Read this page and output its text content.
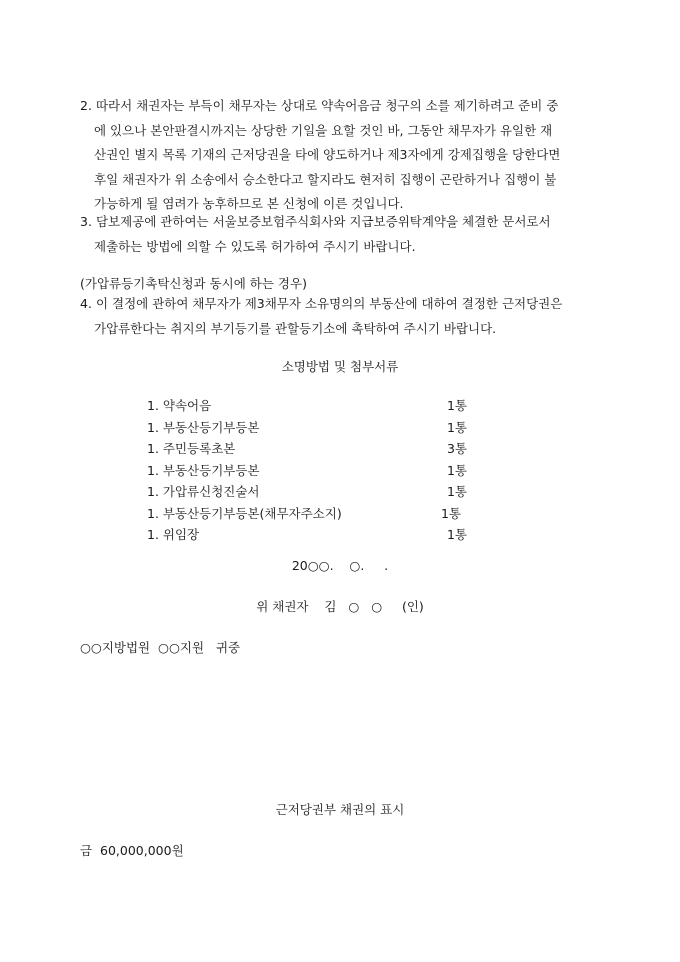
2. 따라서 채권자는 부득이 채무자는 상대로 약속어음금 청구의 소를 제기하려고 준비 중
에 있으나 본안판결시까지는 상당한 기일을 요할 것인 바, 그동안 채무자가 유일한 재
산권인 별지 목록 기재의 근저당권을 타에 양도하거나 제3자에게 강제집행을 당한다면
후일 채권자가 위 소송에서 승소한다고 할지라도 현저히 집행이 곤란하거나 집행이 불
가능하게 될 염려가 농후하므로 본 신청에 이른 것입니다.
3. 담보제공에 관하여는 서울보증보험주식회사와 지급보증위탁계약을 체결한 문서로서
제출하는 방법에 의할 수 있도록 허가하여 주시기 바랍니다.
(가압류등기촉탁신청과 동시에 하는 경우)
4. 이 결정에 관하여 채무자가 제3채무자 소유명의의 부동산에 대하여 결정한 근저당권은
가압류한다는 취지의 부기등기를 관할등기소에 촉탁하여 주시기 바랍니다.
소명방법 및 첨부서류
1. 약속어음	1통
1. 부동산등기부등본	1통
1. 주민등록초본	3통
1. 부동산등기부등본	1통
1. 가압류신청진술서	1통
1. 부동산등기부등본(채무자주소지)	1통
1. 위임장	1통
20○○.    ○.     .
위 채권자    김   ○   ○     (인)
○○지방법원  ○○지원   귀중
근저당권부 채권의 표시
금  60,000,000원
